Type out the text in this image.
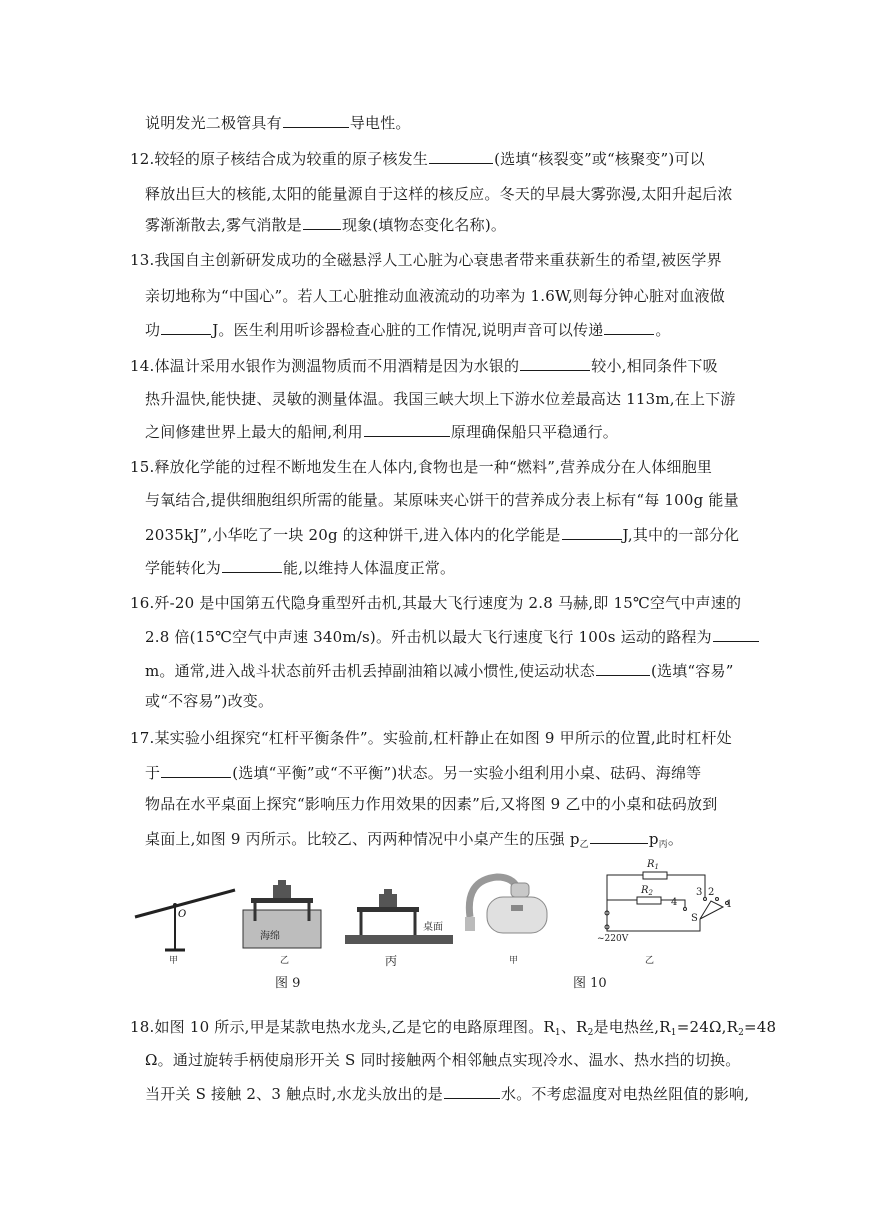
说明发光二极管具有	导电性。
12.较轻的原子核结合成为较重的原子核发生	(选填“核裂变”或“核聚变”)可以
释放出巨大的核能,太阳的能量源自于这样的核反应。冬天的早晨大雾弥漫,太阳升起后浓
雾渐渐散去,雾气消散是	现象(填物态变化名称)。
13.我国自主创新研发成功的全磁悬浮人工心脏为心衰患者带来重获新生的希望,被医学界
亲切地称为“中国心”。若人工心脏推动血液流动的功率为 1.6W,则每分钟心脏对血液做
功	J。医生利用听诊器检查心脏的工作情况,说明声音可以传递	。
14.体温计采用水银作为测温物质而不用酒精是因为水银的	较小,相同条件下吸
热升温快,能快捷、灵敏的测量体温。我国三峡大坝上下游水位差最高达 113m,在上下游
之间修建世界上最大的船闸,利用	原理确保船只平稳通行。
15.释放化学能的过程不断地发生在人体内,食物也是一种“燃料”,营养成分在人体细胞里
与氧结合,提供细胞组织所需的能量。某原味夹心饼干的营养成分表上标有“每 100g 能量
2035kJ”,小华吃了一块 20g 的这种饼干,进入体内的化学能是	J,其中的一部分化
学能转化为	能,以维持人体温度正常。
16.歼-20 是中国第五代隐身重型歼击机,其最大飞行速度为 2.8 马赫,即 15℃空气中声速的
2.8 倍(15℃空气中声速 340m/s)。歼击机以最大飞行速度飞行 100s 运动的路程为
m。通常,进入战斗状态前歼击机丢掉副油箱以减小惯性,使运动状态	(选填“容易”
或“不容易”)改变。
17.某实验小组探究“杠杆平衡条件”。实验前,杠杆静止在如图 9 甲所示的位置,此时杠杆处
于	(选填“平衡”或“不平衡”)状态。另一实验小组利用小桌、砝码、海绵等
物品在水平桌面上探究“影响压力作用效果的因素”后,又将图 9 乙中的小桌和砝码放到
桌面上,如图 9 丙所示。比较乙、丙两种情况中小桌产生的压强 $p_乙$	$p_丙$。
O
海绵
桌面
$R_1$
$R_2$	3 2
1
4
S
~220V
甲	乙	丙	甲	乙
图 9	图 10
18.如图 10 所示,甲是某款电热水龙头,乙是它的电路原理图。$R_1$、$R_2$是电热丝$,R_1=24\Omega,R_2=48$
Ω。通过旋转手柄使扇形开关 S 同时接触两个相邻触点实现冷水、温水、热水挡的切换。
当开关 S 接触 2、3 触点时,水龙头放出的是	水。不考虑温度对电热丝阻值的影响,
